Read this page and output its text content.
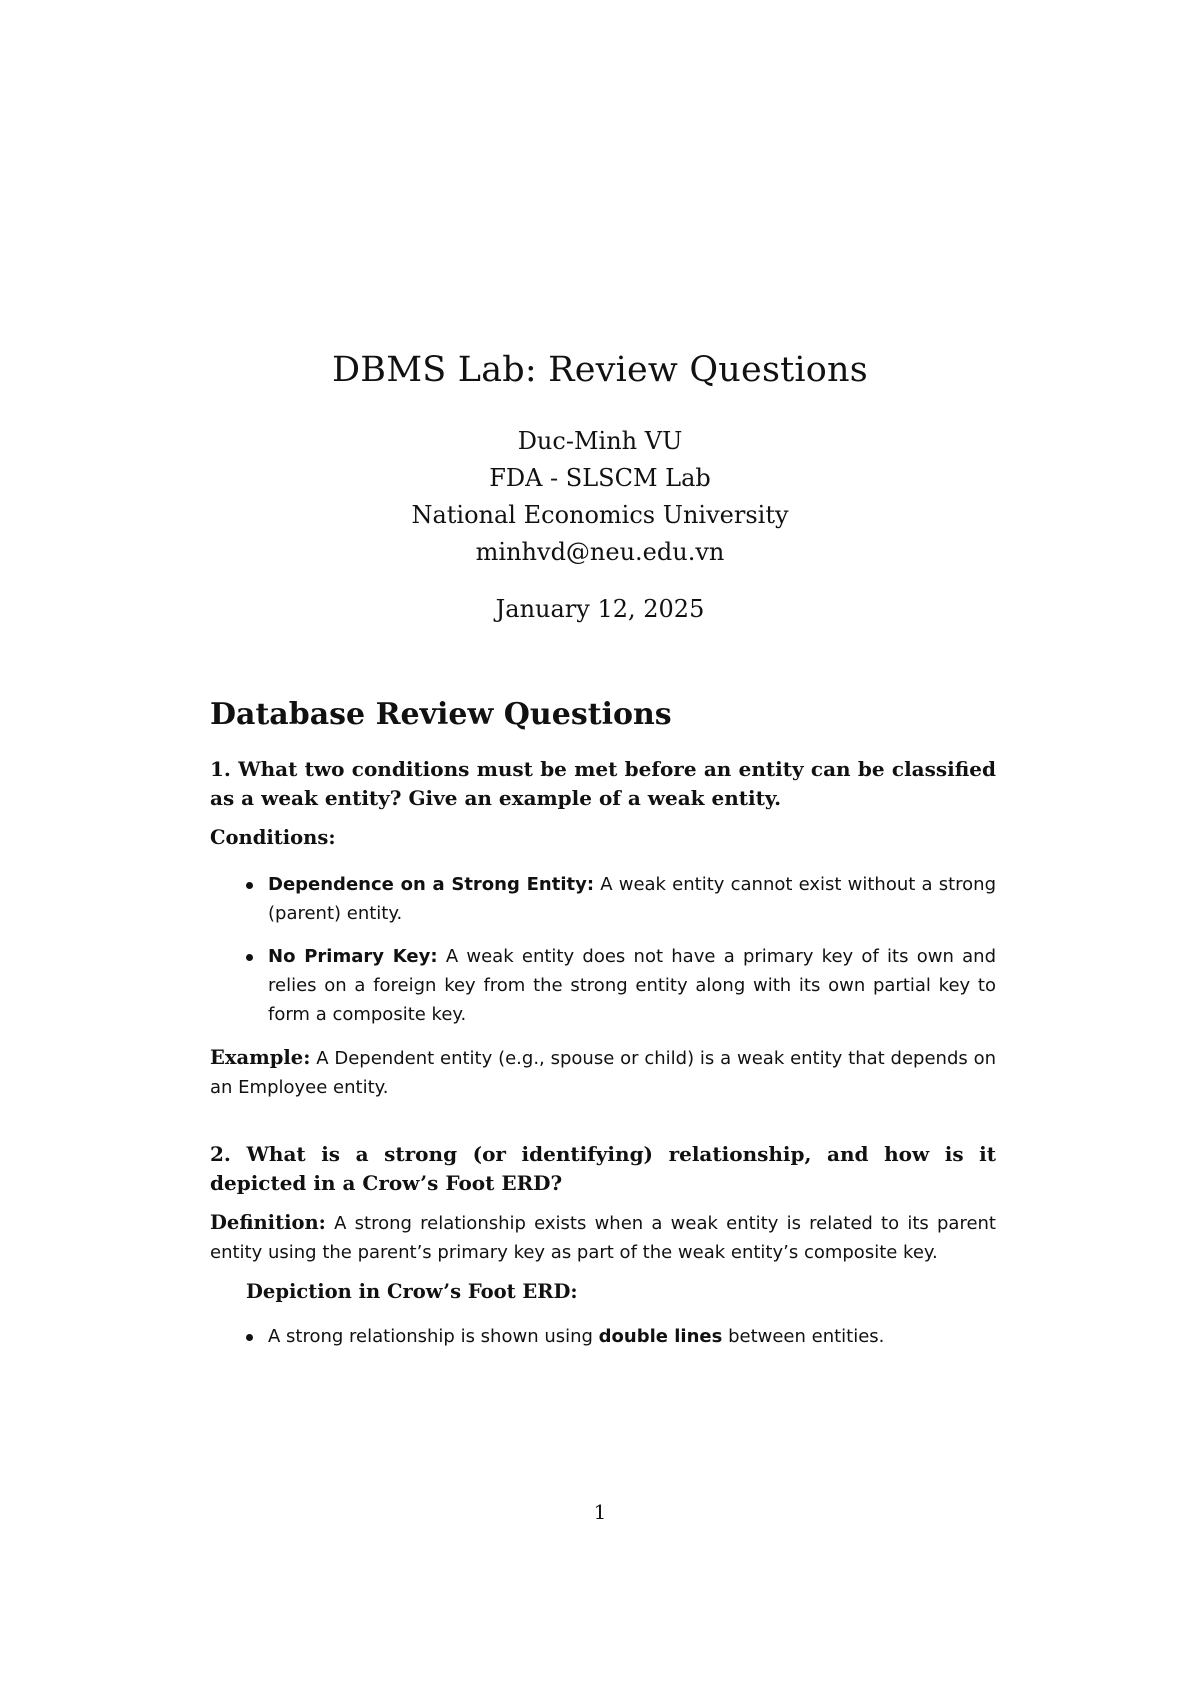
DBMS Lab: Review Questions
Duc-Minh VU
FDA - SLSCM Lab
National Economics University
minhvd@neu.edu.vn
January 12, 2025
Database Review Questions

1. What two conditions must be met before an entity can be classified as a weak entity? Give an example of a weak entity.

Conditions:

Dependence on a Strong Entity: A weak entity cannot exist without a strong (parent) entity.
No Primary Key: A weak entity does not have a primary key of its own and relies on a foreign key from the strong entity along with its own partial key to form a composite key.

Example: A Dependent entity (e.g., spouse or child) is a weak entity that depends on an Employee entity.

2. What is a strong (or identifying) relationship, and how is it depicted in a Crow’s Foot ERD?

Definition: A strong relationship exists when a weak entity is related to its parent entity using the parent’s primary key as part of the weak entity’s composite key.

Depiction in Crow’s Foot ERD:

A strong relationship is shown using double lines between entities.
1
